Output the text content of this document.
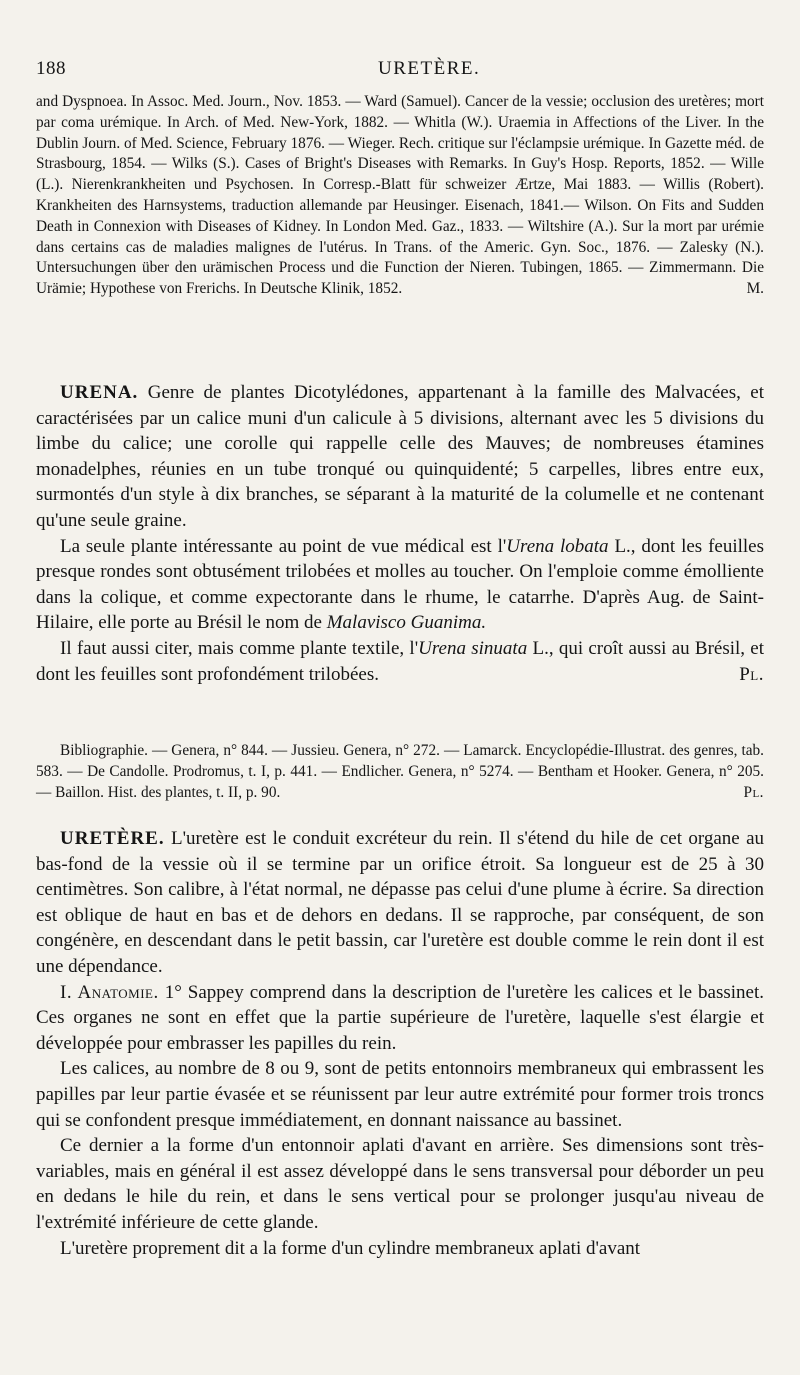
188	URETÈRE.

and Dyspnoea. In Assoc. Med. Journ., Nov. 1853. — Ward (Samuel). Cancer de la vessie; occlusion des uretères; mort par coma urémique. In Arch. of Med. New-York, 1882. — Whitla (W.). Uraemia in Affections of the Liver. In the Dublin Journ. of Med. Science, February 1876. — Wieger. Rech. critique sur l'éclampsie urémique. In Gazette méd. de Strasbourg, 1854. — Wilks (S.). Cases of Bright's Diseases with Remarks. In Guy's Hosp. Reports, 1852. — Wille (L.). Nierenkrankheiten und Psychosen. In Corresp.-Blatt für schweizer Ærtze, Mai 1883. — Willis (Robert). Krankheiten des Harnsystems, traduction allemande par Heusinger. Eisenach, 1841.— Wilson. On Fits and Sudden Death in Connexion with Diseases of Kidney. In London Med. Gaz., 1833. — Wiltshire (A.). Sur la mort par urémie dans certains cas de maladies malignes de l'utérus. In Trans. of the Americ. Gyn. Soc., 1876. — Zalesky (N.). Untersuchungen über den urämischen Process und die Function der Nieren. Tubingen, 1865. — Zimmermann. Die Urämie; Hypothese von Frerichs. In Deutsche Klinik, 1852.	M.

URENA. Genre de plantes Dicotylédones, appartenant à la famille des Malvacées, et caractérisées par un calice muni d'un calicule à 5 divisions, alternant avec les 5 divisions du limbe du calice; une corolle qui rappelle celle des Mauves; de nombreuses étamines monadelphes, réunies en un tube tronqué ou quinquidenté; 5 carpelles, libres entre eux, surmontés d'un style à dix branches, se séparant à la maturité de la columelle et ne contenant qu'une seule graine.

La seule plante intéressante au point de vue médical est l'Urena lobata L., dont les feuilles presque rondes sont obtusément trilobées et molles au toucher. On l'emploie comme émolliente dans la colique, et comme expectorante dans le rhume, le catarrhe. D'après Aug. de Saint-Hilaire, elle porte au Brésil le nom de Malavisco Guanima.

Il faut aussi citer, mais comme plante textile, l'Urena sinuata L., qui croît aussi au Brésil, et dont les feuilles sont profondément trilobées.	Pl.

Bibliographie. — Genera, n° 844. — Jussieu. Genera, n° 272. — Lamarck. Encyclopédie-Illustrat. des genres, tab. 583. — De Candolle. Prodromus, t. I, p. 441. — Endlicher. Genera, n° 5274. — Bentham et Hooker. Genera, n° 205. — Baillon. Hist. des plantes, t. II, p. 90.	Pl.

URETÈRE. L'uretère est le conduit excréteur du rein. Il s'étend du hile de cet organe au bas-fond de la vessie où il se termine par un orifice étroit. Sa longueur est de 25 à 30 centimètres. Son calibre, à l'état normal, ne dépasse pas celui d'une plume à écrire. Sa direction est oblique de haut en bas et de dehors en dedans. Il se rapproche, par conséquent, de son congénère, en descendant dans le petit bassin, car l'uretère est double comme le rein dont il est une dépendance.

I. Anatomie. 1° Sappey comprend dans la description de l'uretère les calices et le bassinet. Ces organes ne sont en effet que la partie supérieure de l'uretère, laquelle s'est élargie et développée pour embrasser les papilles du rein.

Les calices, au nombre de 8 ou 9, sont de petits entonnoirs membraneux qui embrassent les papilles par leur partie évasée et se réunissent par leur autre extrémité pour former trois troncs qui se confondent presque immédiatement, en donnant naissance au bassinet.

Ce dernier a la forme d'un entonnoir aplati d'avant en arrière. Ses dimensions sont très-variables, mais en général il est assez développé dans le sens transversal pour déborder un peu en dedans le hile du rein, et dans le sens vertical pour se prolonger jusqu'au niveau de l'extrémité inférieure de cette glande.

L'uretère proprement dit a la forme d'un cylindre membraneux aplati d'avant
